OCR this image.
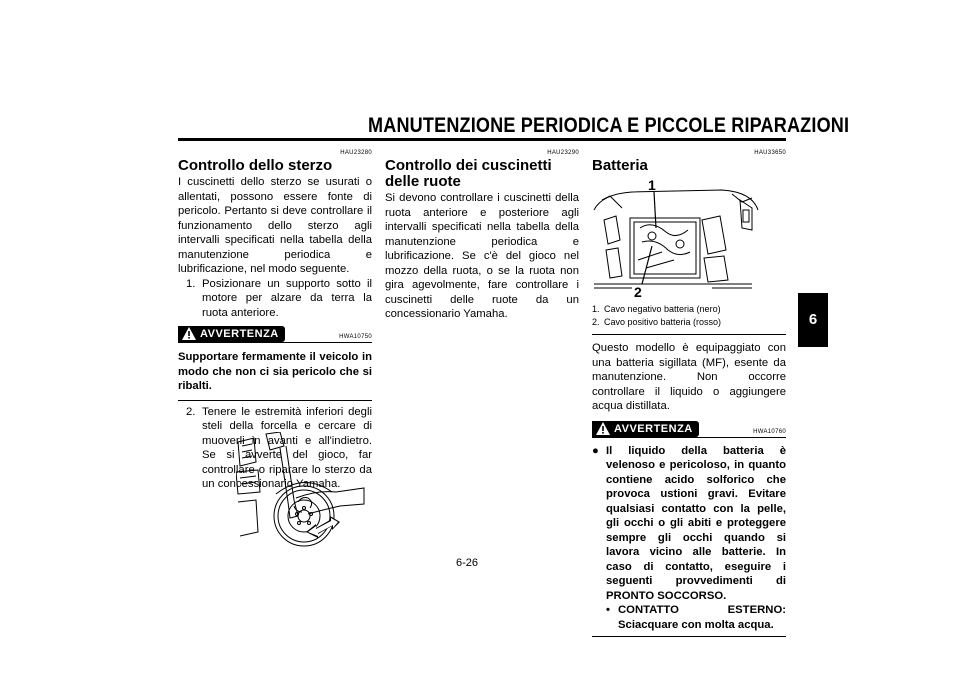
MANUTENZIONE PERIODICA E PICCOLE RIPARAZIONI
6
HAU23280
Controllo dello sterzo
I cuscinetti dello sterzo se usurati o allentati, possono essere fonte di pericolo. Pertanto si deve controllare il funzionamento dello sterzo agli intervalli specificati nella tabella della manutenzione periodica e lubrificazione, nel modo seguente.
1. Posizionare un supporto sotto il motore per alzare da terra la ruota anteriore.
AVVERTENZA	HWA10750
Supportare fermamente il veicolo in modo che non ci sia pericolo che si ribalti.
2. Tenere le estremità inferiori degli steli della forcella e cercare di muoverli in avanti e all'indietro. Se si avverte del gioco, far controllare o riparare lo sterzo da un concessionario Yamaha.
HAU23290
Controllo dei cuscinetti delle ruote
Si devono controllare i cuscinetti della ruota anteriore e posteriore agli intervalli specificati nella tabella della manutenzione periodica e lubrificazione. Se c'è del gioco nel mozzo della ruota, o se la ruota non gira agevolmente, fare controllare i cuscinetti delle ruote da un concessionario Yamaha.
HAU33650
Batteria
1
2
1. Cavo negativo batteria (nero)
2. Cavo positivo batteria (rosso)
Questo modello è equipaggiato con una batteria sigillata (MF), esente da manutenzione. Non occorre controllare il liquido o aggiungere acqua distillata.
AVVERTENZA	HWA10760
● Il liquido della batteria è velenoso e pericoloso, in quanto contiene acido solforico che provoca ustioni gravi. Evitare qualsiasi contatto con la pelle, gli occhi o gli abiti e proteggere sempre gli occhi quando si lavora vicino alle batterie. In caso di contatto, eseguire i seguenti provvedimenti di PRONTO SOCCORSO.
• CONTATTO ESTERNO: Sciacquare con molta acqua.
6-26
